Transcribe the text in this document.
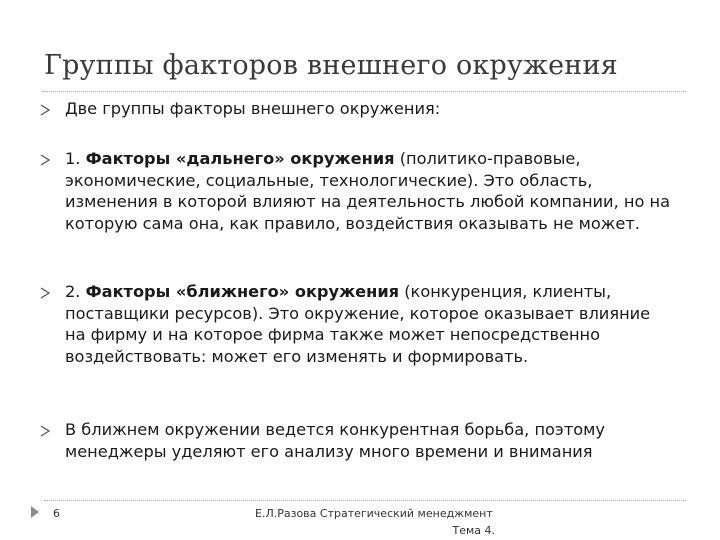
Группы факторов внешнего окружения
Две группы факторы внешнего окружения:
1. Факторы «дальнего» окружения (политико-правовые, экономические, социальные, технологические). Это область, изменения в которой влияют на деятельность любой компании, но на которую сама она, как правило, воздействия оказывать не может.
2. Факторы «ближнего» окружения (конкуренция, клиенты, поставщики ресурсов). Это окружение, которое оказывает влияние на фирму и на которое фирма также может непосредственно воздействовать: может его изменять и формировать.
В ближнем окружении ведется конкурентная борьба, поэтому менеджеры уделяют его анализу много времени и внимания
6	Е.Л.Разова Стратегический менеджмент
Тема 4.
